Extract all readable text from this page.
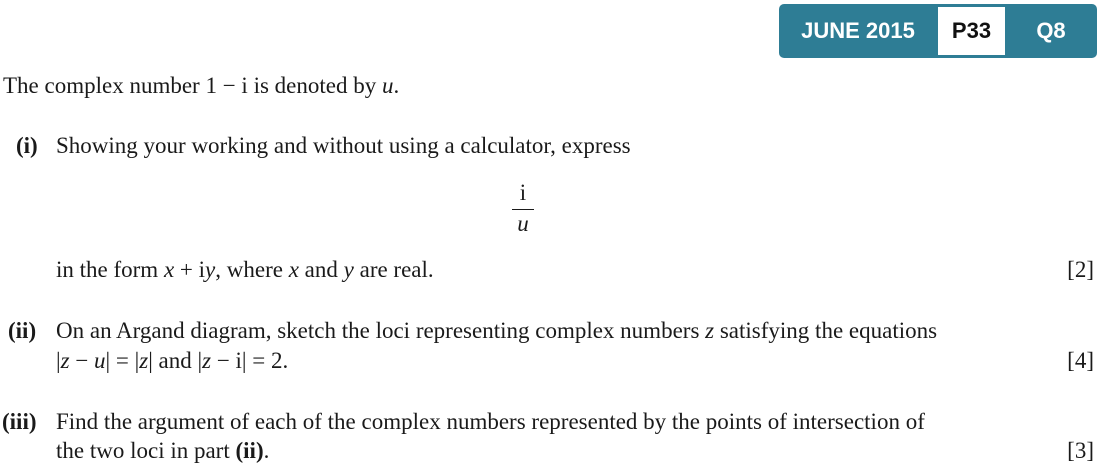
JUNE 2015	P33	Q8
The complex number 1 − i is denoted by u.
(i) Showing your working and without using a calculator, express
i
u
in the form x + iy, where x and y are real.	[2]
(ii) On an Argand diagram, sketch the loci representing complex numbers z satisfying the equations
|z − u| = |z| and |z − i| = 2.	[4]
(iii) Find the argument of each of the complex numbers represented by the points of intersection of
the two loci in part (ii).	[3]
